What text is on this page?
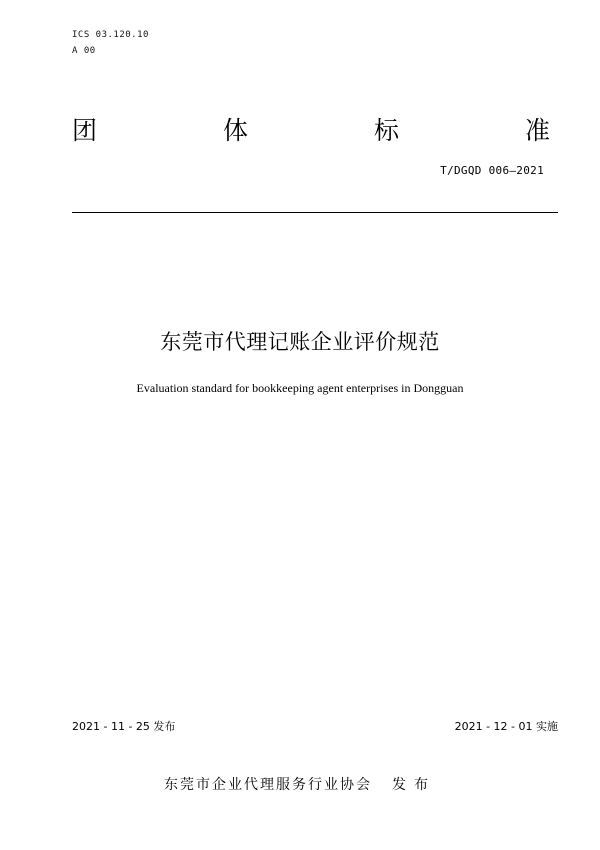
ICS 03.120.10
A 00
团	体	标	准
T/DGQD 006—2021
东莞市代理记账企业评价规范
Evaluation standard for bookkeeping agent enterprises in Dongguan
2021 - 11 - 25 发布	2021 - 12 - 01 实施
东莞市企业代理服务行业协会 发布
